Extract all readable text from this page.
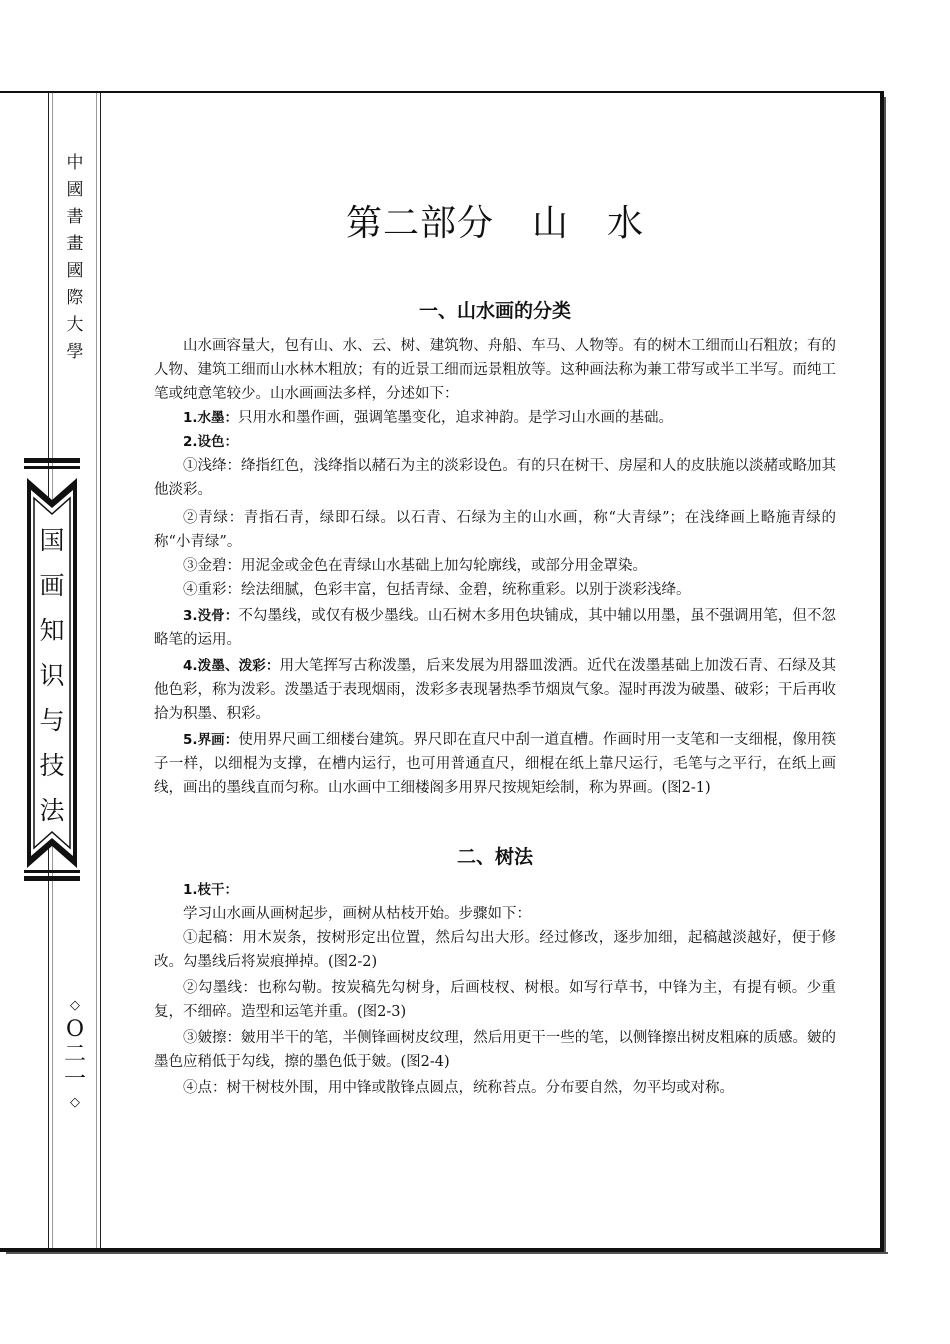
中
國
書
畫
國
際
大
學
国
画
知
识
与
技
法
◇
O
二
一
◇
第二部分 山 水
一、山水画的分类
山水画容量大，包有山、水、云、树、建筑物、舟船、车马、人物等。有的树木工细而山石粗放；有的人物、建筑工细而山水林木粗放；有的近景工细而远景粗放等。这种画法称为兼工带写或半工半写。而纯工笔或纯意笔较少。山水画画法多样，分述如下：
1.水墨：只用水和墨作画，强调笔墨变化，追求神韵。是学习山水画的基础。
2.设色：
①浅绛：绛指红色，浅绛指以赭石为主的淡彩设色。有的只在树干、房屋和人的皮肤施以淡赭或略加其他淡彩。
②青绿：青指石青，绿即石绿。以石青、石绿为主的山水画，称“大青绿”；在浅绛画上略施青绿的称“小青绿”。
③金碧：用泥金或金色在青绿山水基础上加勾轮廓线，或部分用金罩染。
④重彩：绘法细腻，色彩丰富，包括青绿、金碧，统称重彩。以别于淡彩浅绛。
3.没骨：不勾墨线，或仅有极少墨线。山石树木多用色块铺成，其中辅以用墨，虽不强调用笔，但不忽略笔的运用。
4.泼墨、泼彩：用大笔挥写古称泼墨，后来发展为用器皿泼洒。近代在泼墨基础上加泼石青、石绿及其他色彩，称为泼彩。泼墨适于表现烟雨，泼彩多表现暑热季节烟岚气象。湿时再泼为破墨、破彩；干后再收拾为积墨、积彩。
5.界画：使用界尺画工细楼台建筑。界尺即在直尺中刮一道直槽。作画时用一支笔和一支细棍，像用筷子一样，以细棍为支撑，在槽内运行，也可用普通直尺，细棍在纸上靠尺运行，毛笔与之平行，在纸上画线，画出的墨线直而匀称。山水画中工细楼阁多用界尺按规矩绘制，称为界画。(图2-1)
二、树法
1.枝干：
学习山水画从画树起步，画树从枯枝开始。步骤如下：
①起稿：用木炭条，按树形定出位置，然后勾出大形。经过修改，逐步加细，起稿越淡越好，便于修改。勾墨线后将炭痕掸掉。(图2-2)
②勾墨线：也称勾勒。按炭稿先勾树身，后画枝杈、树根。如写行草书，中锋为主，有提有顿。少重复，不细碎。造型和运笔并重。(图2-3)
③皴擦：皴用半干的笔，半侧锋画树皮纹理，然后用更干一些的笔，以侧锋擦出树皮粗麻的质感。皴的墨色应稍低于勾线，擦的墨色低于皴。(图2-4)
④点：树干树枝外围，用中锋或散锋点圆点，统称苔点。分布要自然，勿平均或对称。
